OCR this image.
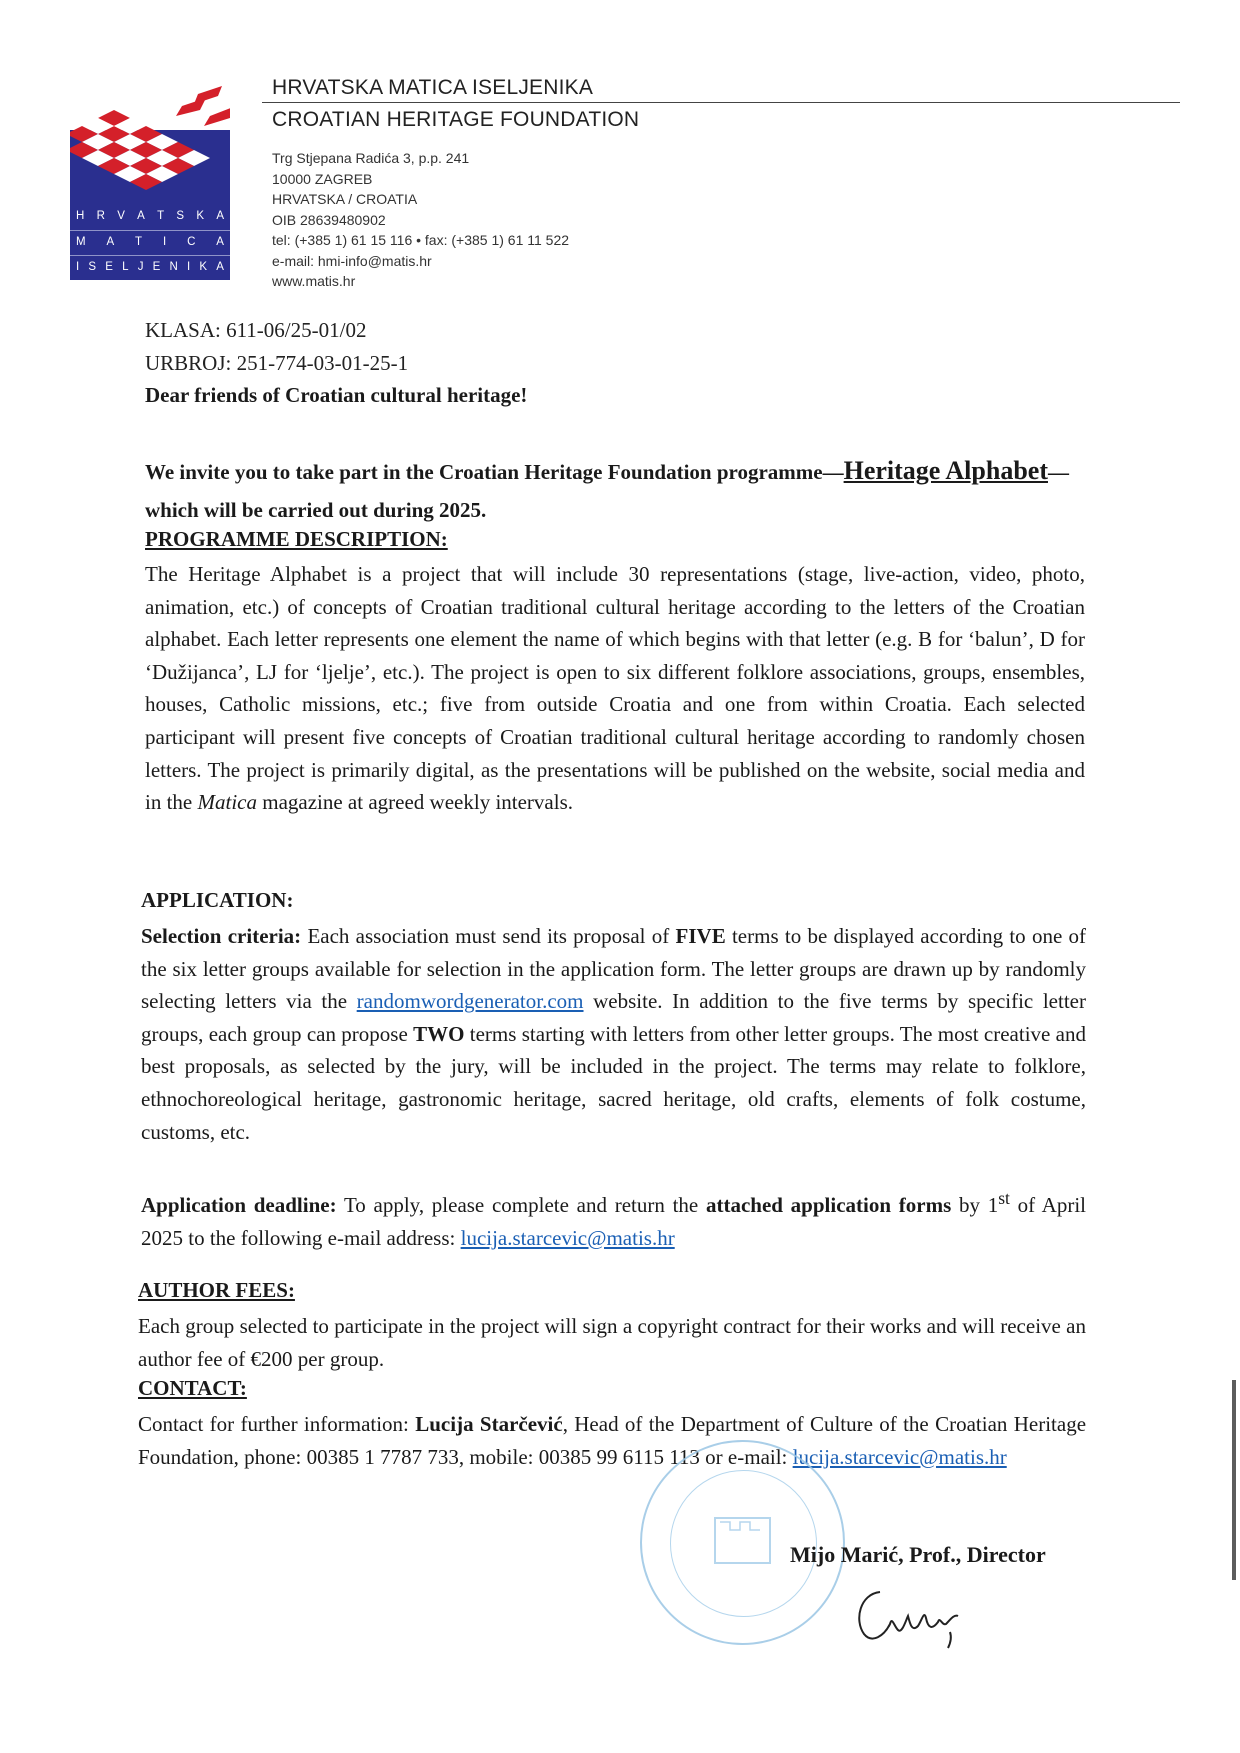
H R V A T S K A
M A T I C A
I S E L J E N I K A
HRVATSKA MATICA ISELJENIKA
CROATIAN HERITAGE FOUNDATION
Trg Stjepana Radića 3, p.p. 241
10000 ZAGREB
HRVATSKA / CROATIA
OIB 28639480902
tel: (+385 1) 61 15 116 • fax: (+385 1) 61 11 522
e-mail: hmi-info@matis.hr
www.matis.hr
KLASA: 611-06/25-01/02
URBROJ: 251-774-03-01-25-1
Dear friends of Croatian cultural heritage!
We invite you to take part in the Croatian Heritage Foundation programme—Heritage Alphabet—which will be carried out during 2025.
PROGRAMME DESCRIPTION:
The Heritage Alphabet is a project that will include 30 representations (stage, live-action, video, photo, animation, etc.) of concepts of Croatian traditional cultural heritage according to the letters of the Croatian alphabet. Each letter represents one element the name of which begins with that letter (e.g. B for ‘balun’, D for ‘Dužijanca’, LJ for ‘ljelje’, etc.). The project is open to six different folklore associations, groups, ensembles, houses, Catholic missions, etc.; five from outside Croatia and one from within Croatia. Each selected participant will present five concepts of Croatian traditional cultural heritage according to randomly chosen letters. The project is primarily digital, as the presentations will be published on the website, social media and in the Matica magazine at agreed weekly intervals.
APPLICATION:
Selection criteria: Each association must send its proposal of FIVE terms to be displayed according to one of the six letter groups available for selection in the application form. The letter groups are drawn up by randomly selecting letters via the randomwordgenerator.com website. In addition to the five terms by specific letter groups, each group can propose TWO terms starting with letters from other letter groups. The most creative and best proposals, as selected by the jury, will be included in the project. The terms may relate to folklore, ethnochoreological heritage, gastronomic heritage, sacred heritage, old crafts, elements of folk costume, customs, etc.
Application deadline: To apply, please complete and return the attached application forms by 1st of April 2025 to the following e-mail address: lucija.starcevic@matis.hr
AUTHOR FEES:
Each group selected to participate in the project will sign a copyright contract for their works and will receive an author fee of €200 per group.
CONTACT:
Contact for further information: Lucija Starčević, Head of the Department of Culture of the Croatian Heritage Foundation, phone: 00385 1 7787 733, mobile: 00385 99 6115 113 or e-mail: lucija.starcevic@matis.hr
Mijo Marić, Prof., Director
